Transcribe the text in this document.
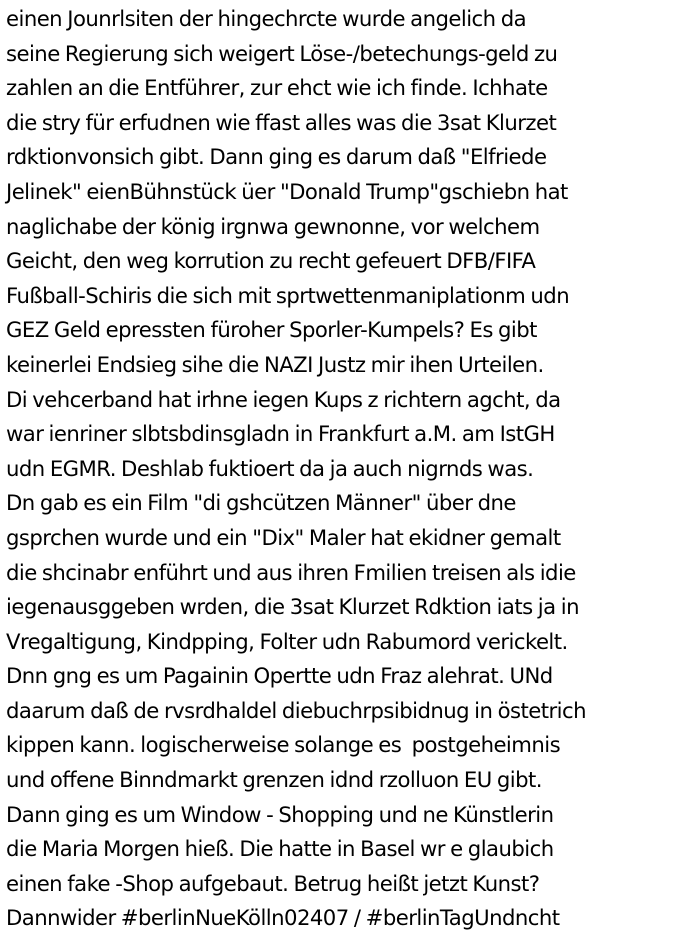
einen Jounrlsiten der hingechrcte wurde angelich da
seine Regierung sich weigert Löse-/betechungs-geld zu
zahlen an die Entführer, zur ehct wie ich finde. Ichhate
die stry für erfudnen wie ffast alles was die 3sat Klurzet
rdktionvonsich gibt. Dann ging es darum daß "Elfriede
Jelinek" eienBühnstück üer "Donald Trump"gschiebn hat
naglichabe der könig irgnwa gewnonne, vor welchem
Geicht, den weg korrution zu recht gefeuert DFB/FIFA
Fußball-Schiris die sich mit sprtwettenmaniplationm udn
GEZ Geld epressten füroher Sporler-Kumpels? Es gibt
keinerlei Endsieg sihe die NAZI Justz mir ihen Urteilen.
Di vehcerband hat irhne iegen Kups z richtern agcht, da
war ienriner slbtsbdinsgladn in Frankfurt a.M. am IstGH
udn EGMR. Deshlab fuktioert da ja auch nigrnds was.
Dn gab es ein Film "di gshcützen Männer" über dne
gsprchen wurde und ein "Dix" Maler hat ekidner gemalt
die shcinabr enführt und aus ihren Fmilien treisen als idie
iegenausggeben wrden, die 3sat Klurzet Rdktion iats ja in
Vregaltigung, Kindpping, Folter udn Rabumord verickelt.
Dnn gng es um Pagainin Opertte udn Fraz alehrat. UNd
daarum daß de rvsrdhaldel diebuchrpsibidnug in östetrich
kippen kann. logischerweise solange es  postgeheimnis
und offene Binndmarkt grenzen idnd rzolluon EU gibt.
Dann ging es um Window - Shopping und ne Künstlerin
die Maria Morgen hieß. Die hatte in Basel wr e glaubich
einen fake -Shop aufgebaut. Betrug heißt jetzt Kunst?
Dannwider #berlinNueKölln02407 / #berlinTagUndncht
